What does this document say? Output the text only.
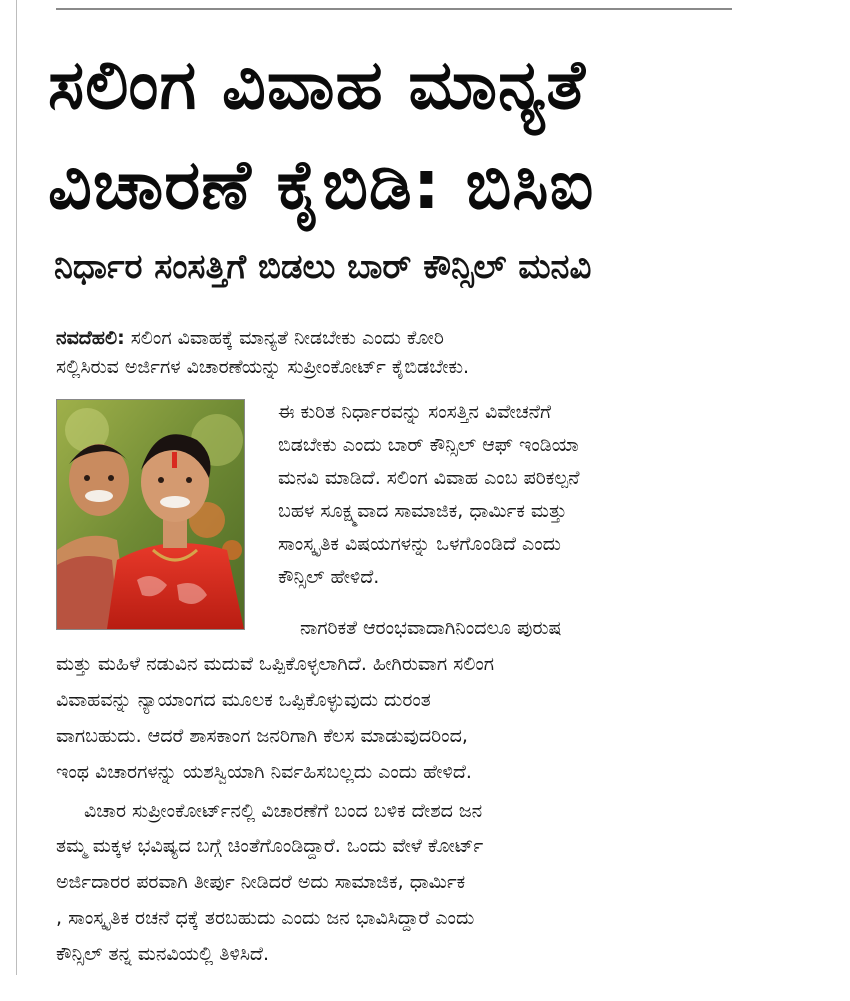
ಸಲಿಂಗ ವಿವಾಹ ಮಾನ್ಯತೆ
ವಿಚಾರಣೆ ಕೈಬಿಡಿ: ಬಿಸಿಐ
ನಿರ್ಧಾರ ಸಂಸತ್ತಿಗೆ ಬಿಡಲು ಬಾರ್ ಕೌನ್ಸಿಲ್ ಮನವಿ
ನವದೆಹಲಿ: ಸಲಿಂಗ ವಿವಾಹಕ್ಕೆ ಮಾನ್ಯತೆ ನೀಡಬೇಕು ಎಂದು ಕೋರಿ
ಸಲ್ಲಿಸಿರುವ ಅರ್ಜಿಗಳ ವಿಚಾರಣೆಯನ್ನು ಸುಪ್ರೀಂಕೋರ್ಟ್ ಕೈಬಿಡಬೇಕು.
ಈ ಕುರಿತ ನಿರ್ಧಾರವನ್ನು ಸಂಸತ್ತಿನ ವಿವೇಚನೆಗೆ
ಬಿಡಬೇಕು ಎಂದು ಬಾರ್ ಕೌನ್ಸಿಲ್ ಆಫ್ ಇಂಡಿಯಾ
ಮನವಿ ಮಾಡಿದೆ. ಸಲಿಂಗ ವಿವಾಹ ಎಂಬ ಪರಿಕಲ್ಪನೆ
ಬಹಳ ಸೂಕ್ಷ್ಮವಾದ ಸಾಮಾಜಿಕ, ಧಾರ್ಮಿಕ ಮತ್ತು
ಸಾಂಸ್ಕೃತಿಕ ವಿಷಯಗಳನ್ನು ಒಳಗೊಂಡಿದೆ ಎಂದು
ಕೌನ್ಸಿಲ್ ಹೇಳಿದೆ.
ನಾಗರಿಕತೆ ಆರಂಭವಾದಾಗಿನಿಂದಲೂ ಪುರುಷ
ಮತ್ತು ಮಹಿಳೆ ನಡುವಿನ ಮದುವೆ ಒಪ್ಪಿಕೊಳ್ಳಲಾಗಿದೆ. ಹೀಗಿರುವಾಗ ಸಲಿಂಗ
ವಿವಾಹವನ್ನು ನ್ಯಾಯಾಂಗದ ಮೂಲಕ ಒಪ್ಪಿಕೊಳ್ಳುವುದು ದುರಂತ
ವಾಗಬಹುದು. ಆದರೆ ಶಾಸಕಾಂಗ ಜನರಿಗಾಗಿ ಕೆಲಸ ಮಾಡುವುದರಿಂದ,
ಇಂಥ ವಿಚಾರಗಳನ್ನು ಯಶಸ್ವಿಯಾಗಿ ನಿರ್ವಹಿಸಬಲ್ಲದು ಎಂದು ಹೇಳಿದೆ.
ವಿಚಾರ ಸುಪ್ರೀಂಕೋರ್ಟ್‌ನಲ್ಲಿ ವಿಚಾರಣೆಗೆ ಬಂದ ಬಳಿಕ ದೇಶದ ಜನ
ತಮ್ಮ ಮಕ್ಕಳ ಭವಿಷ್ಯದ ಬಗ್ಗೆ ಚಿಂತೆಗೊಂಡಿದ್ದಾರೆ. ಒಂದು ವೇಳೆ ಕೋರ್ಟ್
ಅರ್ಜಿದಾರರ ಪರವಾಗಿ ತೀರ್ಪು ನೀಡಿದರೆ ಅದು ಸಾಮಾಜಿಕ, ಧಾರ್ಮಿಕ
, ಸಾಂಸ್ಕೃತಿಕ ರಚನೆ ಧಕ್ಕೆ ತರಬಹುದು ಎಂದು ಜನ ಭಾವಿಸಿದ್ದಾರೆ ಎಂದು
ಕೌನ್ಸಿಲ್ ತನ್ನ ಮನವಿಯಲ್ಲಿ ತಿಳಿಸಿದೆ.
